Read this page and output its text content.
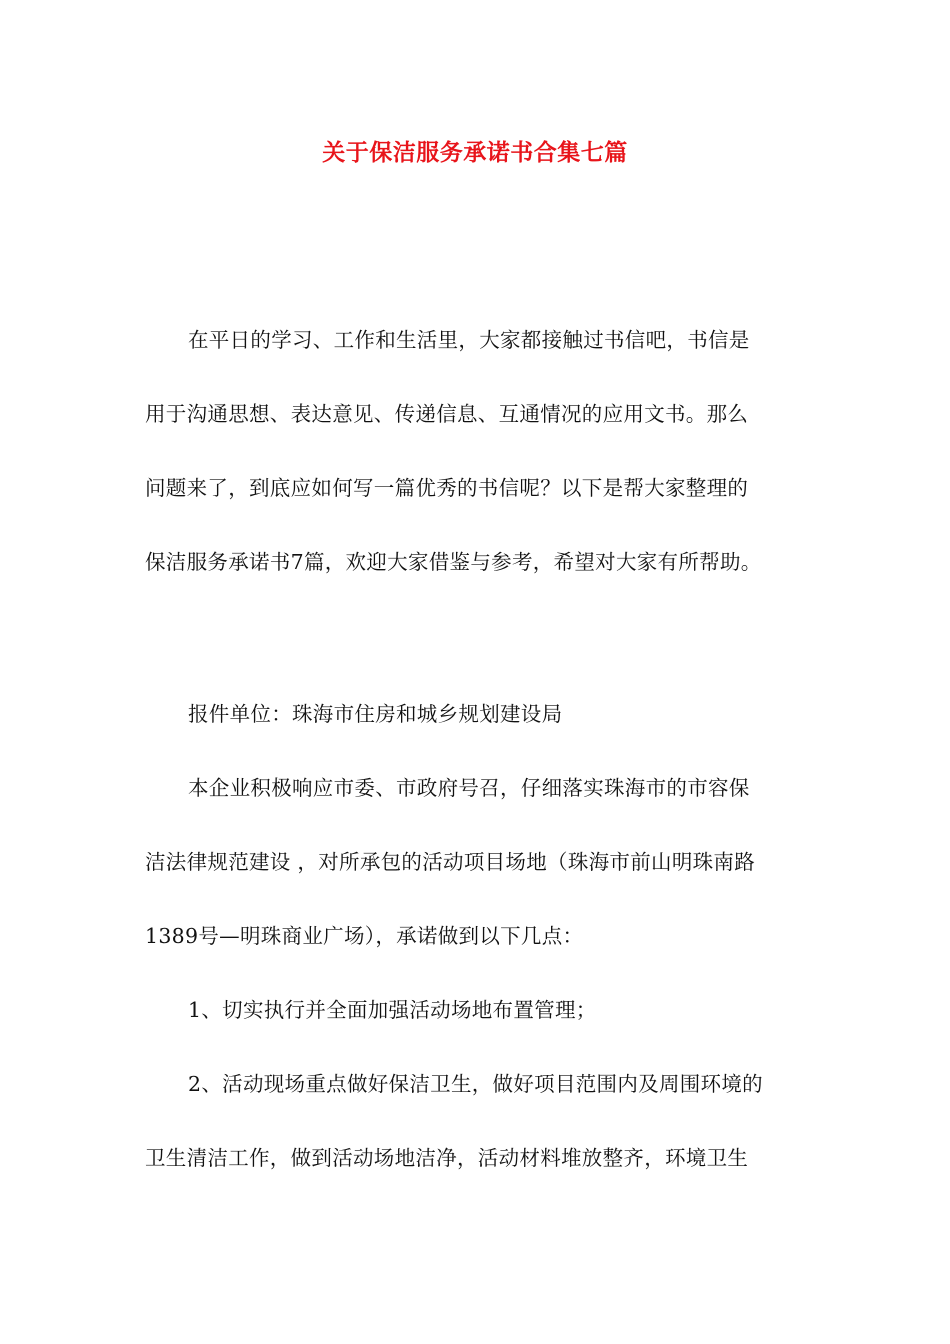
关于保洁服务承诺书合集七篇
在平日的学习、工作和生活里，大家都接触过书信吧，书信是
用于沟通思想、表达意见、传递信息、互通情况的应用文书。那么
问题来了，到底应如何写一篇优秀的书信呢？以下是帮大家整理的
保洁服务承诺书7篇，欢迎大家借鉴与参考，希望对大家有所帮助。
报件单位：珠海市住房和城乡规划建设局
本企业积极响应市委、市政府号召，仔细落实珠海市的市容保
洁法律规范建设 ，对所承包的活动项目场地（珠海市前山明珠南路
1389号—明珠商业广场），承诺做到以下几点：
1、切实执行并全面加强活动场地布置管理；
2、活动现场重点做好保洁卫生，做好项目范围内及周围环境的
卫生清洁工作，做到活动场地洁净，活动材料堆放整齐，环境卫生
